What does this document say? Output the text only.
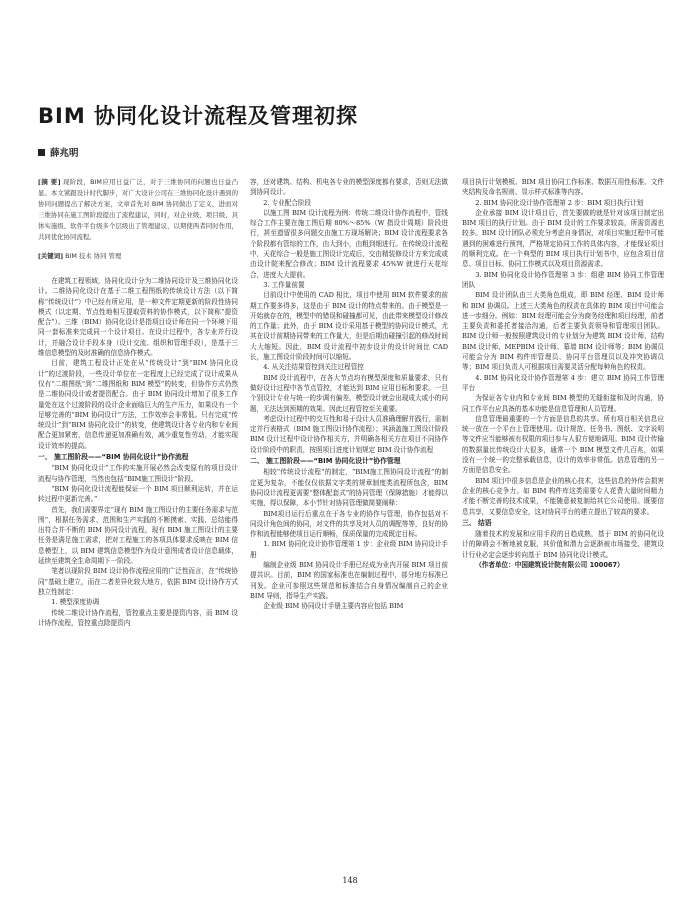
BIM 协同化设计流程及管理初探
薛兆明

[摘 要] 现阶段，BIM应用日益广泛，对于三维协同的问题也日益凸显。本文紧跟设计时代脚步，对广大设计公司在三维协同化设计遇到的协同问题提出了解决方案，文章首先对 BIM 协同做出了定义，进而对三维协同在施工图阶段提出了流程建议，同时，对企业级、项目级、具体实施级、软件平台级多个层级出了管理建议，以期使两者同时作用，共同优化协同流程。

[关键词] BIM 技术 协同 管理

在建筑工程领域，协同化设计分为二维协同设计及三维协同化设计。二维协同化设计在基于二维工程图纸的传统设计方法（以下简称“传统设计”）中已经有所应用，是一种文件定期更新的阶段性协同模式（以定期、节点性地相互提取资料的协作模式，以下简称“提资配合”）。三维（BIM）协同化设计是指项目设计师在同一个环境下用同一套标准来完成同一个设计项目。在设计过程中，各专业并行设计，并融合设计手段本身（设计交流、组织和管理手段），是基于三维信息模型的及时准确的信息协作模式。

目前，建筑工程设计正处在从“传统设计”到“BIM 协同化设计”的过渡阶段，一些设计单位在一定程度上已经完成了设计成果从仅有“二维图纸”到“二维图纸和 BIM 模型”的转变，但协作方式仍然是二维协同设计或者提资配合。由于 BIM 协同设计增加了很多工作量处在这个过渡阶段的设计企业面临巨大的生产压力，如果设有一个足够完善的“BIM 协同设计”方法，工作效率会非常低。只有完成“传统设计”到“BIM 协同化设计”的转变，使建筑设计各专业内和专业间配合更加紧密，信息传递更加准确有效，减少重复性劳动，才能实现设计效率的提高。

一、 施工图阶段——“BIM 协同化设计”协作流程

“BIM 协同化设计”工作的实施开展必然会改变原有的项目设计流程与协作管理，当然也包括“BIM施工图设计”阶段。

“BIM 协同化设计流程能保证一个 BIM 项目顺利运转，并在运转过程中更新完善。”

首先，我们需要界定“现有 BIM 施工图设计的主要任务需求与范围”，根据任务需求、范围和生产实践的不断摸索、实践、总结能得出符合并不断的 BIM 协同设计流程，现有 BIM 施工图设计的主要任务是满足施工需求，把对工程施工的各项具体要求反映在 BIM 信息模型上，以 BIM 建筑信息模型作为设计意图成者设计信息载体，延续至建筑全生命周期下一阶段。

笔者以现阶段 BIM 设计协作流程应用的广泛性而言，在“传统协同”基础上建立，而在二者差异化较大地方，依据 BIM 设计协作方式独立性制定：

1. 模型深度协调

传统二维设计协作流程，管控重点主要是提资内容，而 BIM 设计协作流程，管控重点除提资内

容，还对建筑、结构、机电各专业的模型深度都有要求，否则无法做到协同设计。

2. 专业配合阶段

以施工图 BIM 设计流程为例：传统二维设计协作流程中，管线综合工作主要在施工图后期 80%～85%（W 指设计周期）阶段进行，甚至遗留很多问题交由施工方现场解决；BIM 设计流程要求各个阶段都有管综的工作，由大到小，由粗到细进行。在传统设计流程中，天花综合一般是施工图设计完成后，交由精装修设计方来完成或由设计院来配合修改；BIM 设计流程要求 45%W 就进行天花综合，进度大大提前。

3. 工作量前置

目前设计中使用的 CAD 相比，项目中使用 BIM 软件要求的前期工作要多得多，这是由于 BIM 设计的特点带来的。由于模型是一开始就存在的，模型中的错误和碰撞都可见，由此带来模型设计修改的工作量；此外，由于 BIM 设计采用基于模型的协同设计模式，尤其在设计前期协同带来的工作量大，但是后期由碰撞引起的修改时间大大缩短。因此，BIM 设计流程中初步设计的设计时间比 CAD 长，施工图设计阶段时间可以缩短。

4. 从关注结果管控到关注过程管控

BIM 设计流程中，在各大节点均有模型深度和质量要求，只有做好设计过程中各节点管控，才能达到 BIM 应用目标和要求。一旦个别设计专业与统一的步调有偏差，模型设计就会出现成大或小的问题，无法达到预期的效果。因此过程管控至关重要。

考虑设计过程中的交互性和易于设计人员准确理解并践行，需制定并行表格式（BIM 施工图设计协作流程）；其涵盖施工图设计阶段 BIM 设计过程中设计协作相关方，并明确各相关方在项目不同协作设计阶段中的职责，按照项目进度计划规定 BIM 设计协作流程

二、 施工图阶段——“BIM 协同化设计”协作管理

相较“传统设计流程”的制定，“BIM施工图协同设计流程”的制定更为复杂，不能仅仅依据文字类的规章制度类流程所包含，BIM 协同设计流程更需要“整体配套式”的协同管理（保障措施）才能得以实施，得以保障，本小节针对协同管理做简要阐释：

BIM项目运行后重点在于各专业的协作与管理，协作包括对不同设计角色间的协同，对文件的共享及对人员的调配等等，良好的协作和流程能够使项目运行顺畅，保质保量的完成既定目标。

1. BIM 协同化设计协作管理第 1 步：企业级 BIM 协同设计手册

编制企业级 BIM 协同设计手册已经成为业内开展 BIM 项目前提共识。目前，BIM 的国家标准也在编制过程中，部分地方标准已刊发。企业可参照这些规范和标准结合自身情况编制自己的企业 BIM 导则，指导生产实践。

企业级 BIM 协同设计手册主要内容应包括 BIM

项目执行计划模板、BIM 项目协同工作标准、数据互用性标准、文件夹结构及命名规则、显示样式标准等内容。

2. BIM 协同化设计协作管理第 2 步：BIM 项目执行计划

企业承接 BIM 设计项目后，首先要做的就是针对该项目制定出 BIM 项目的执行计划。由于 BIM 设计的工作要求较高，所需资源也较多。BIM 设计团队必须充分考虑自身情况，对项目实施过程中可能遇到的困难进行预判，严格规定协同工作的具体内容，才能保证项目的顺利完成。在一个典型的 BIM 项目执行计划书中，应包含项目信息、项目目标、协同工作模式以及项目资源需求。

3. BIM 协同化设计协作管理第 3 步：组建 BIM 协同工作管理团队

BIM 设计团队由三大类角色组成，即 BIM 经理、BIM 设计师和 BIM 协调员。上述三大类角色的权责在具体的 BIM 项目中可能会进一步细分。例如：BIM 经理可能会分为商务经理和项目经理，前者主要负责和委托者接洽沟通，后者主要负责领导和管理项目团队。BIM 设计师一般按照建筑设计的专业划分为建筑 BIM 设计师、结构 BIM 设计师、MEPBIM 设计师、幕墙 BIM 设计师等；BIM 协调员可能会分为 BIM 构件库管理员、协同平台管理员以及冲突协调员等；BIM 项目负责人可根据项目需要灵活分配每种角色的权责。

4. BIM 协同化设计协作管理第 4 步：建立 BIM 协同工作管理平台

为保证各专业内和专业间 BIM 模型的无缝衔接和及时沟通，协同工作平台应具备的基本功能是信息管理和人员管理。

信息管理最重要的一个方面是信息的共享。所有项目相关信息应统一放在一个平台上管理使用。设计规范、任务书、图纸、文字说明等文件应当能够被有权限的项目参与人很方便地调用。BIM 设计传输的数据量比传统设计大很多，通常一个 BIM 模型文件几百兆，如果没有一个统一的完整承载信息，设计的效率非常低。信息管理的另一方面是信息安全。

BIM 项目中很多信息是企业的核心技术，这些信息的外传会损害企业的核心竞争力。如 BIM 构件库这类需要专人花费大量时间精力才能不断完善的技术成果，不能随意被复制给其它公司使用。既要信息共享，又要信息安全，这对协同平台的建立提出了较高的要求。

三、 结语

随着技术的发展和应用手段的日趋成熟，基于 BIM 的协同化设计的障碍会不断地被克服，其价值和潜力会逐渐被市场接受，建筑设计行业必定会逐步转向基于 BIM 协同化设计模式。

（作者单位：中国建筑设计院有限公司 100067）

148
